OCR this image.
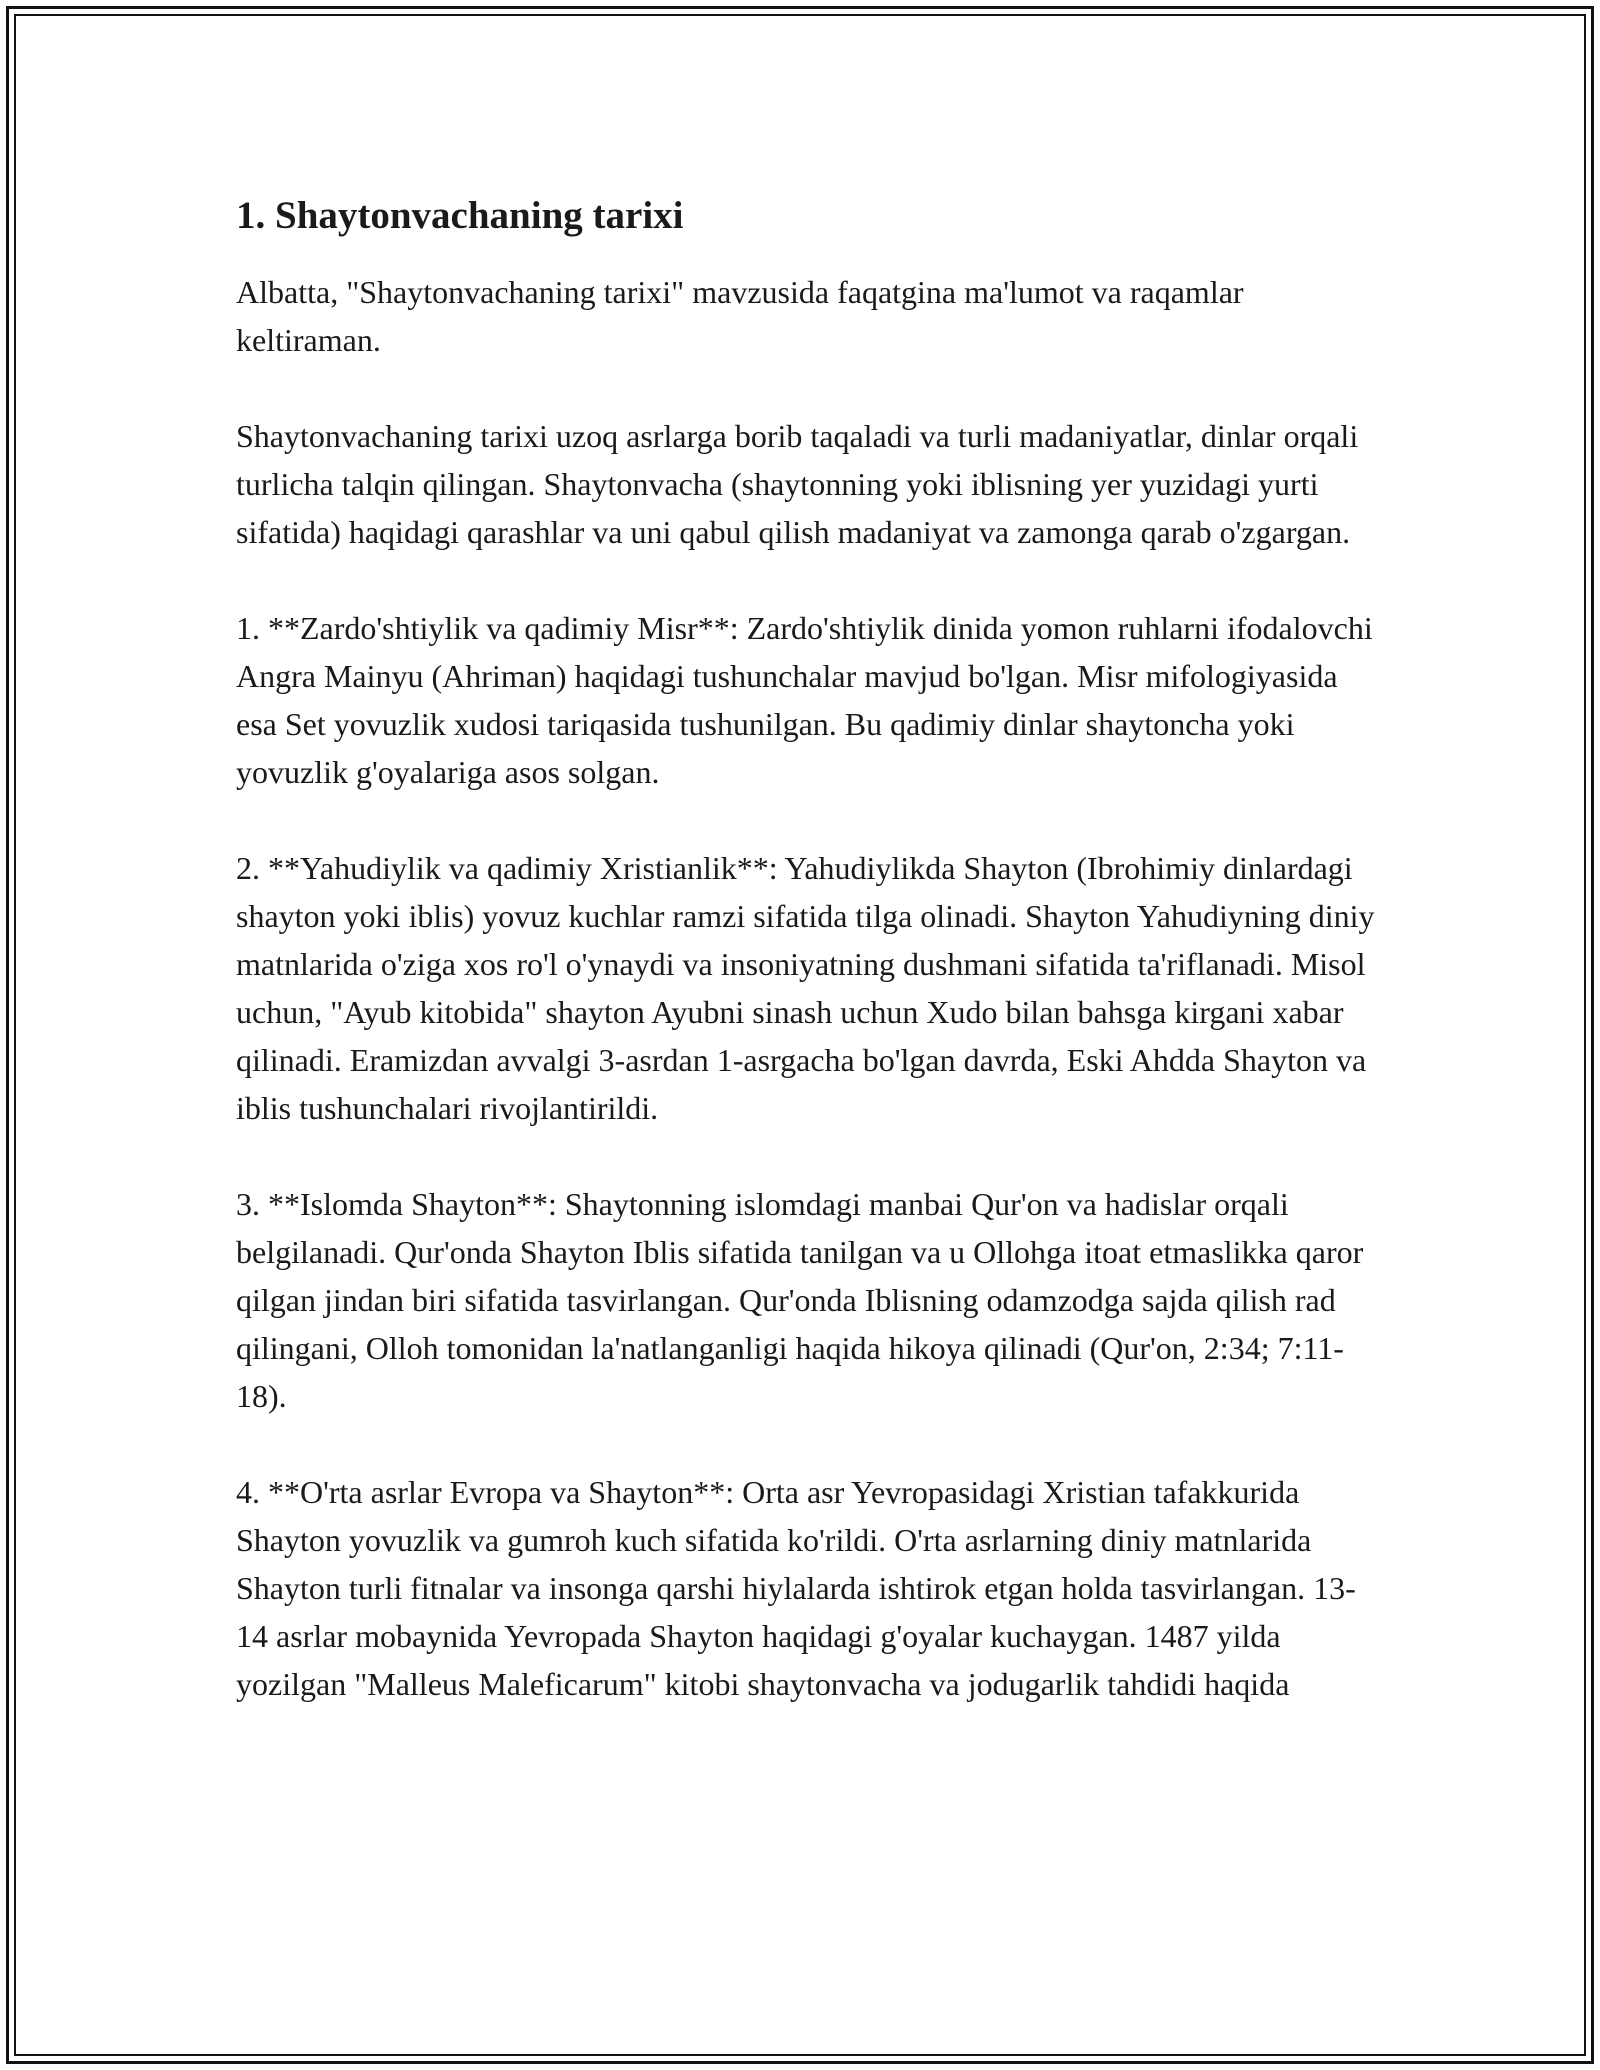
1. Shaytonvachaning tarixi

Albatta, "Shaytonvachaning tarixi" mavzusida faqatgina ma'lumot va raqamlar keltiraman.

Shaytonvachaning tarixi uzoq asrlarga borib taqaladi va turli madaniyatlar, dinlar orqali turlicha talqin qilingan. Shaytonvacha (shaytonning yoki iblisning yer yuzidagi yurti sifatida) haqidagi qarashlar va uni qabul qilish madaniyat va zamonga qarab o'zgargan.

1. **Zardo'shtiylik va qadimiy Misr**: Zardo'shtiylik dinida yomon ruhlarni ifodalovchi Angra Mainyu (Ahriman) haqidagi tushunchalar mavjud bo'lgan. Misr mifologiyasida esa Set yovuzlik xudosi tariqasida tushunilgan. Bu qadimiy dinlar shaytoncha yoki yovuzlik g'oyalariga asos solgan.

2. **Yahudiylik va qadimiy Xristianlik**: Yahudiylikda Shayton (Ibrohimiy dinlardagi shayton yoki iblis) yovuz kuchlar ramzi sifatida tilga olinadi. Shayton Yahudiyning diniy matnlarida o'ziga xos ro'l o'ynaydi va insoniyatning dushmani sifatida ta'riflanadi. Misol uchun, "Ayub kitobida" shayton Ayubni sinash uchun Xudo bilan bahsga kirgani xabar qilinadi. Eramizdan avvalgi 3-asrdan 1-asrgacha bo'lgan davrda, Eski Ahdda Shayton va iblis tushunchalari rivojlantirildi.

3. **Islomda Shayton**: Shaytonning islomdagi manbai Qur'on va hadislar orqali belgilanadi. Qur'onda Shayton Iblis sifatida tanilgan va u Ollohga itoat etmaslikka qaror qilgan jindan biri sifatida tasvirlangan. Qur'onda Iblisning odamzodga sajda qilish rad qilingani, Olloh tomonidan la'natlanganligi haqida hikoya qilinadi (Qur'on, 2:34; 7:11-18).

4. **O'rta asrlar Evropa va Shayton**: Orta asr Yevropasidagi Xristian tafakkurida Shayton yovuzlik va gumroh kuch sifatida ko'rildi. O'rta asrlarning diniy matnlarida Shayton turli fitnalar va insonga qarshi hiylalarda ishtirok etgan holda tasvirlangan. 13-14 asrlar mobaynida Yevropada Shayton haqidagi g'oyalar kuchaygan. 1487 yilda yozilgan "Malleus Maleficarum" kitobi shaytonvacha va jodugarlik tahdidi haqida
